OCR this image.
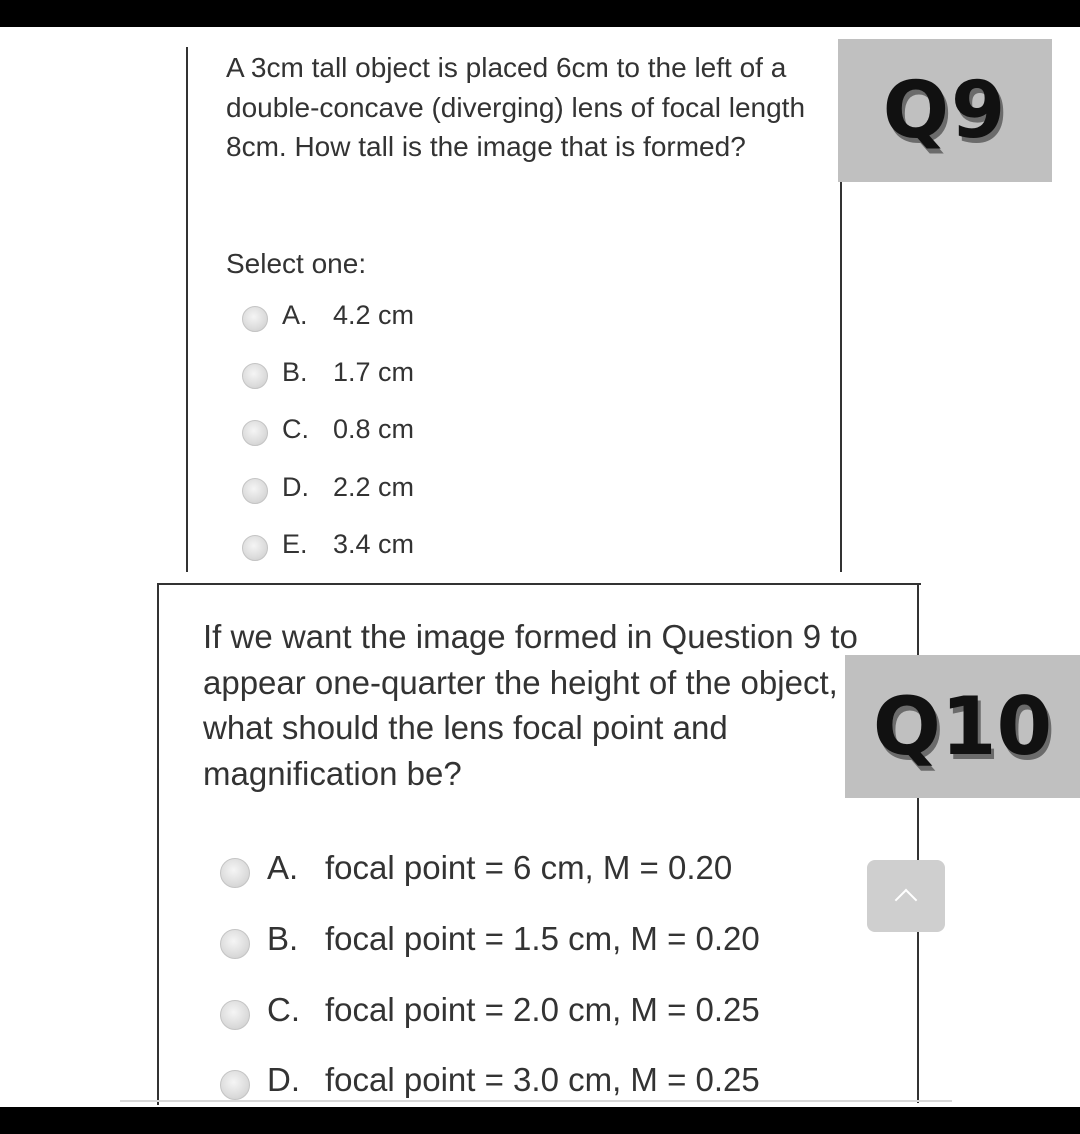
A 3cm tall object is placed 6cm to the left of a double-concave (diverging) lens of focal length 8cm. How tall is the image that is formed?
Select one:
A. 4.2 cm
B. 1.7 cm
C. 0.8 cm
D. 2.2 cm
E. 3.4 cm
Q9
If we want the image formed in Question 9 to appear one-quarter the height of the object, what should the lens focal point and magnification be?
A. focal point = 6 cm, M = 0.20
B. focal point = 1.5 cm, M = 0.20
C. focal point = 2.0 cm, M = 0.25
D. focal point = 3.0 cm, M = 0.25
Q10
